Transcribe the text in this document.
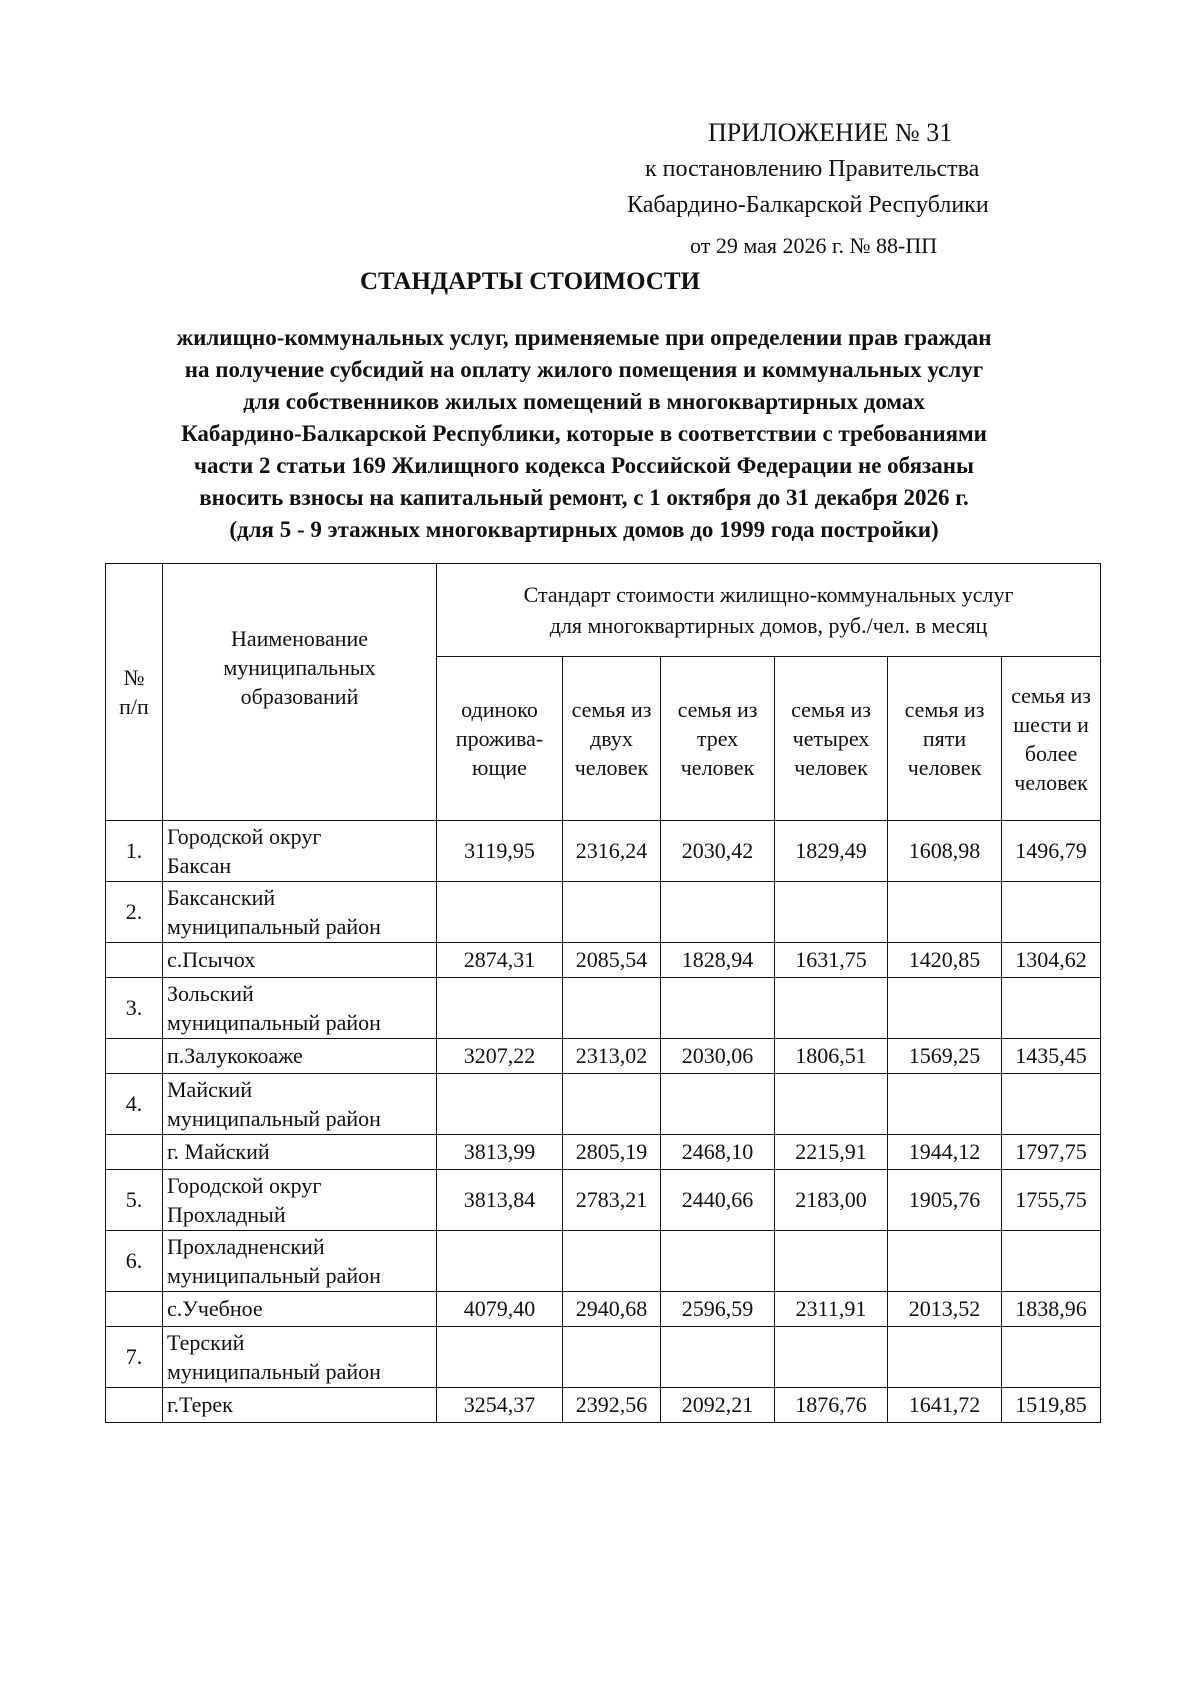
ПРИЛОЖЕНИЕ № 31
к постановлению Правительства
Кабардино-Балкарской Республики
от 29 мая 2026 г. № 88-ПП
СТАНДАРТЫ СТОИМОСТИ
жилищно-коммунальных услуг, применяемые при определении прав граждан
на получение субсидий на оплату жилого помещения и коммунальных услуг
для собственников жилых помещений в многоквартирных домах
Кабардино-Балкарской Республики, которые в соответствии с требованиями
части 2 статьи 169 Жилищного кодекса Российской Федерации не обязаны
вносить взносы на капитальный ремонт, с 1 октября до 31 декабря 2026 г.
(для 5 - 9 этажных многоквартирных домов до 1999 года постройки)
№
п/п	Наименование
муниципальных
образований	Стандарт стоимости жилищно-коммунальных услуг
для многоквартирных домов, руб./чел. в месяц					
		одиноко
прожива-
ющие	семья из
двух
человек	семья из
трех
человек	семья из
четырех
человек	семья из
пяти
человек	семья из
шести и
более
человек
1.	Городской округ
Баксан	3119,95	2316,24	2030,42	1829,49	1608,98	1496,79
2.	Баксанский
муниципальный район						
	с.Псычох	2874,31	2085,54	1828,94	1631,75	1420,85	1304,62
3.	Зольский
муниципальный район						
	п.Залукокоаже	3207,22	2313,02	2030,06	1806,51	1569,25	1435,45
4.	Майский
муниципальный район						
	г. Майский	3813,99	2805,19	2468,10	2215,91	1944,12	1797,75
5.	Городской округ
Прохладный	3813,84	2783,21	2440,66	2183,00	1905,76	1755,75
6.	Прохладненский
муниципальный район						
	с.Учебное	4079,40	2940,68	2596,59	2311,91	2013,52	1838,96
7.	Терский
муниципальный район						
	г.Терек	3254,37	2392,56	2092,21	1876,76	1641,72	1519,85
